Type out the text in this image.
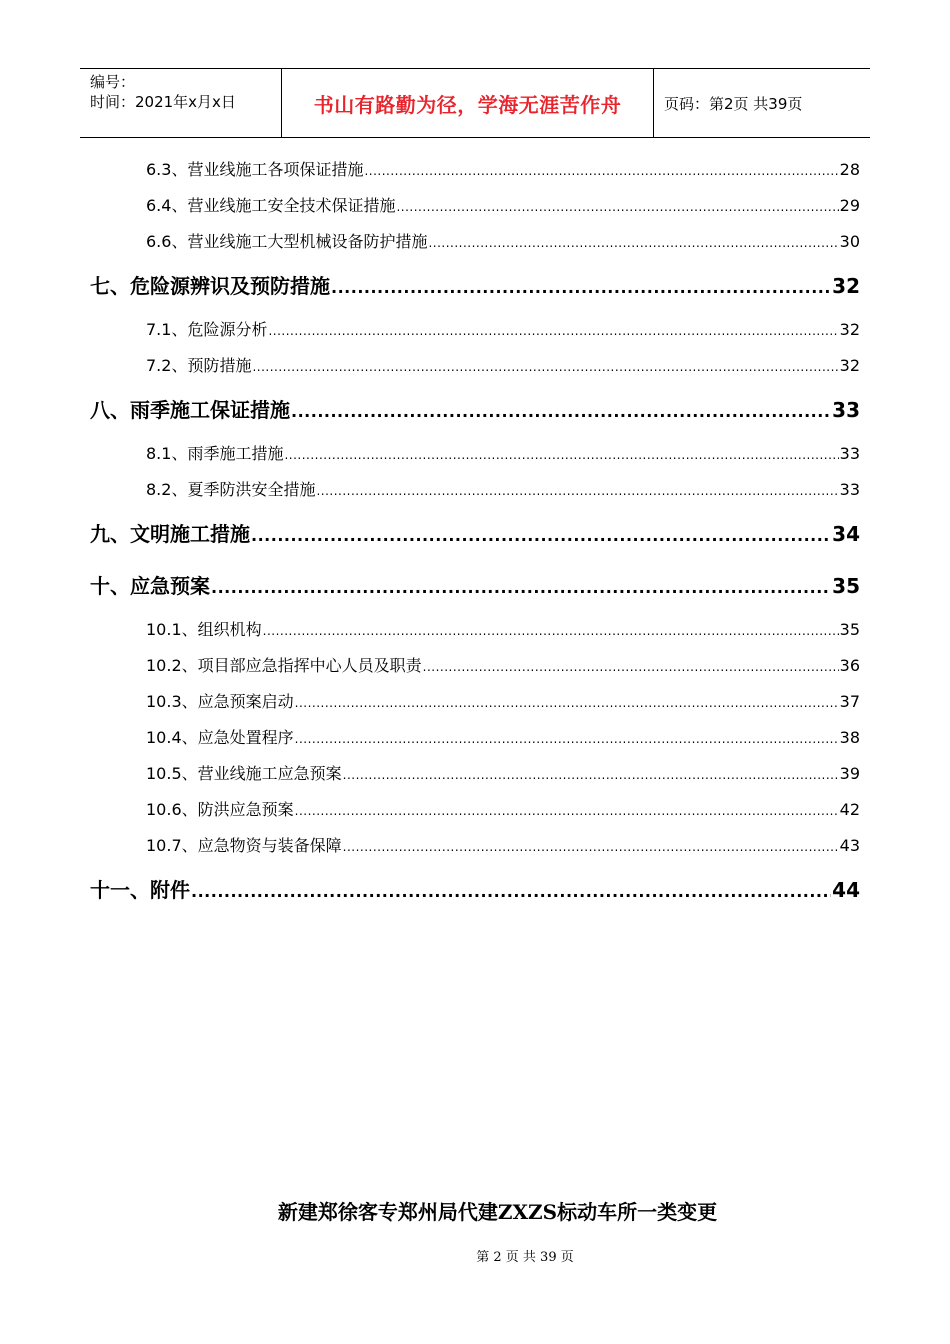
编号：
时间：2021年x月x日	书山有路勤为径，学海无涯苦作舟	页码：第2页 共39页
6.3、营业线施工各项保证措施 .....	28
6.4、营业线施工安全技术保证措施 .....	29
6.6、营业线施工大型机械设备防护措施 .....	30
七、危险源辨识及预防措施 .....	32
7.1、危险源分析 .....	32
7.2、预防措施 .....	32
八、雨季施工保证措施 .....	33
8.1、雨季施工措施 .....	33
8.2、夏季防洪安全措施 .....	33
九、文明施工措施 .....	34
十、应急预案 .....	35
10.1、组织机构 .....	35
10.2、项目部应急指挥中心人员及职责 .....	36
10.3、应急预案启动 .....	37
10.4、应急处置程序 .....	38
10.5、营业线施工应急预案 .....	39
10.6、防洪应急预案 .....	42
10.7、应急物资与装备保障 .....	43
十一、附件 .....	44
新建郑徐客专郑州局代建ZXZS标动车所一类变更
第 2 页 共 39 页
